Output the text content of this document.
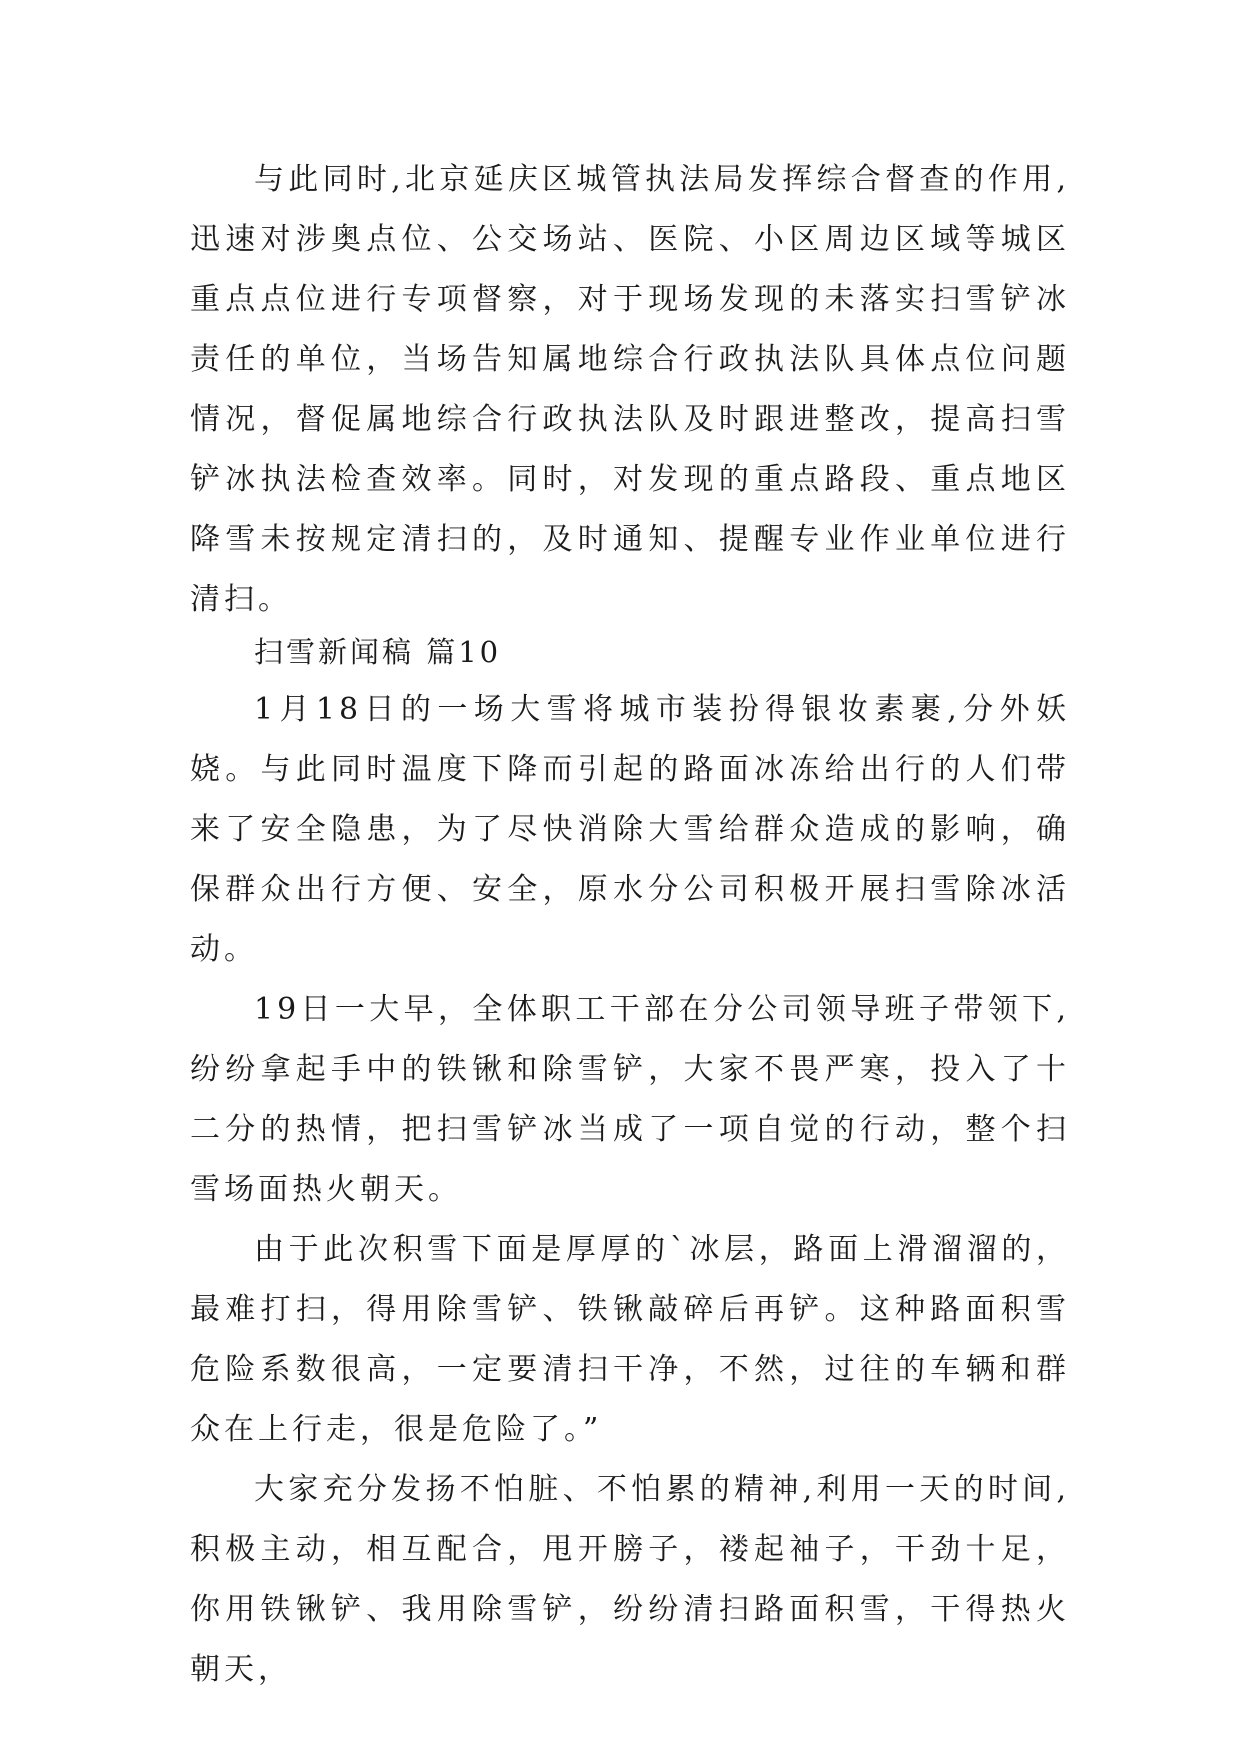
与此同时,北京延庆区城管执法局发挥综合督查的作用,迅速对涉奥点位、公交场站、医院、小区周边区域等城区重点点位进行专项督察，对于现场发现的未落实扫雪铲冰责任的单位，当场告知属地综合行政执法队具体点位问题情况，督促属地综合行政执法队及时跟进整改，提高扫雪铲冰执法检查效率。同时，对发现的重点路段、重点地区降雪未按规定清扫的，及时通知、提醒专业作业单位进行清扫。

扫雪新闻稿 篇10

1月18日的一场大雪将城市装扮得银妆素裹,分外妖娆。与此同时温度下降而引起的路面冰冻给出行的人们带来了安全隐患，为了尽快消除大雪给群众造成的影响，确保群众出行方便、安全，原水分公司积极开展扫雪除冰活动。

19日一大早，全体职工干部在分公司领导班子带领下,纷纷拿起手中的铁锹和除雪铲，大家不畏严寒，投入了十二分的热情，把扫雪铲冰当成了一项自觉的行动，整个扫雪场面热火朝天。

由于此次积雪下面是厚厚的`冰层，路面上滑溜溜的，最难打扫，得用除雪铲、铁锹敲碎后再铲。这种路面积雪危险系数很高，一定要清扫干净，不然，过往的车辆和群众在上行走，很是危险了。”

大家充分发扬不怕脏、不怕累的精神,利用一天的时间,积极主动，相互配合，甩开膀子，褛起袖子，干劲十足，你用铁锹铲、我用除雪铲，纷纷清扫路面积雪，干得热火朝天，
